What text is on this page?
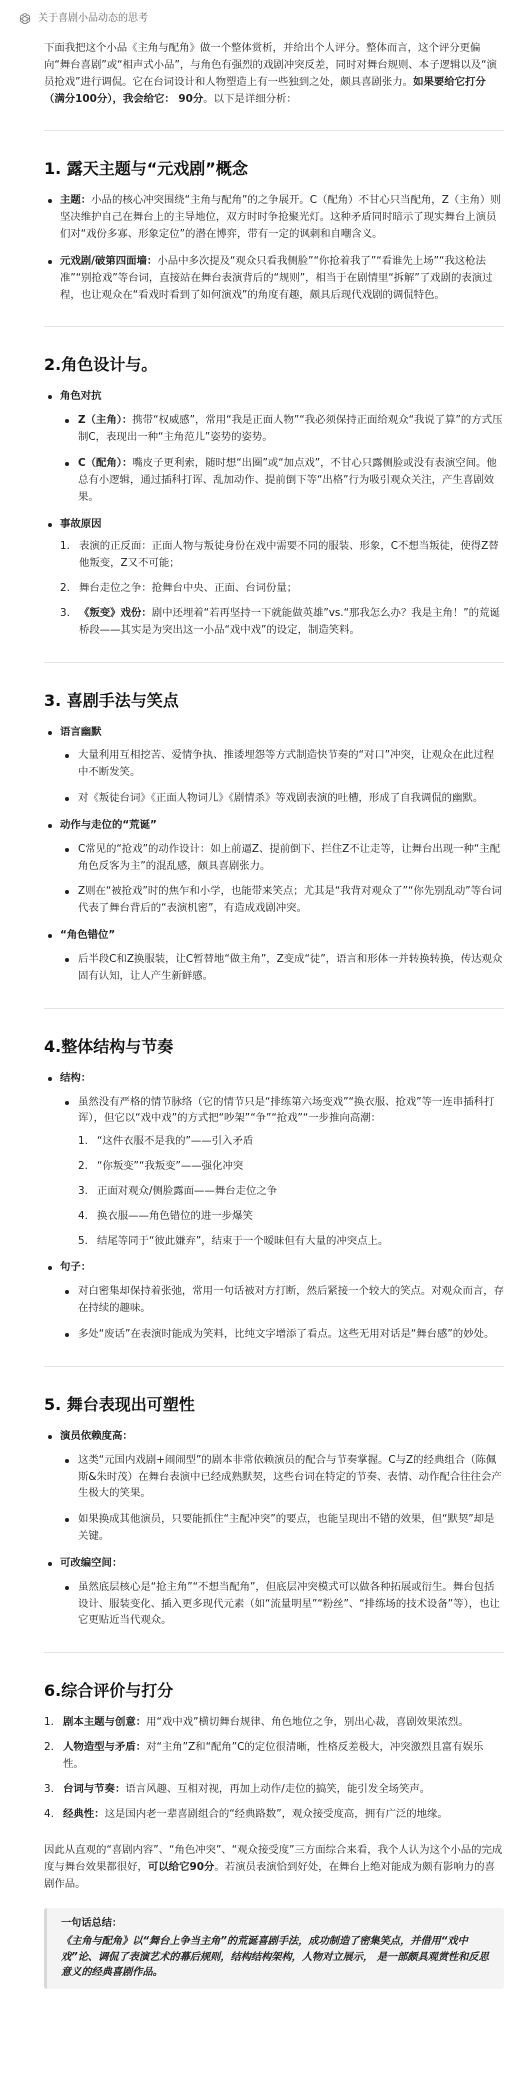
关于喜剧小品动态的思考

下面我把这个小品《主角与配角》做一个整体赏析，并给出个人评分。整体而言，这个评分更偏向“舞台喜剧”或“相声式小品”，与角色有强烈的戏剧冲突反差，同时对舞台规则、本子逻辑以及“演员抢戏”进行调侃。它在台词设计和人物塑造上有一些独到之处，颇具喜剧张力。如果要给它打分（满分100分），我会给它： 90分。以下是详细分析：

1. 露天主题与“元戏剧”概念
主题：小品的核心冲突围绕“主角与配角”的之争展开。C（配角）不甘心只当配角，Z（主角）则坚决维护自己在舞台上的主导地位，双方时时争抢聚光灯。这种矛盾同时暗示了现实舞台上演员们对“戏份多寡、形象定位”的潜在博弈，带有一定的讽刺和自嘲含义。
元戏剧/破第四面墙：小品中多次提及“观众只看我侧脸”“你抢着我了”“看谁先上场”“我这枪法准”“别抢戏”等台词，直接站在舞台表演背后的“规则”，相当于在剧情里“拆解”了戏剧的表演过程，也让观众在“看戏时看到了如何演戏”的角度有趣，颇具后现代戏剧的调侃特色。
2.角色设计与。
角色对抗
Z（主角）：携带“权威感”，常用“我是正面人物”“我必须保持正面给观众“我说了算”的方式压制C，表现出一种“主角范儿”姿势的姿势。
C（配角）：嘴皮子更利索，随时想“出圈”或“加点戏”，不甘心只露侧脸或没有表演空间。他总有小逻辑，通过插科打诨、乱加动作、提前倒下等“出格”行为吸引观众关注，产生喜剧效果。
事故原因
表演的正反面：正面人物与叛徒身份在戏中需要不同的服装、形象，C不想当叛徒，使得Z替他叛变，Z又不可能；
舞台走位之争：抢舞台中央、正面、台词份量；
《叛变》戏份：剧中还埋着“若再坚持一下就能做英雄”vs.“那我怎么办？我是主角！”的荒诞桥段——其实是为突出这一小品“戏中戏”的设定，制造笑料。
3. 喜剧手法与笑点
语言幽默
大量利用互相挖苦、爱情争执、推诿埋怨等方式制造快节奏的“对口”冲突，让观众在此过程中不断发笑。
对《叛徒台词》《正面人物词儿》《剧情杀》等戏剧表演的吐槽，形成了自我调侃的幽默。
动作与走位的“荒诞”
C常见的“抢戏”的动作设计：如上前逼Z、提前倒下、拦住Z不让走等，让舞台出现一种“主配角色反客为主”的混乱感，颇具喜剧张力。
Z则在“被抢戏”时的焦乍和小学，也能带来笑点；尤其是“我背对观众了”“你先别乱动”等台词代表了舞台背后的“表演机密”，有造成戏剧冲突。
“角色错位”
后半段C和Z换服装，让C暂替地“做主角”，Z变成“徒”，语言和形体一并转换转换，传达观众固有认知，让人产生新鲜感。
4.整体结构与节奏
结构：
虽然没有严格的情节脉络（它的情节只是“排练第六场变戏”“换衣服、抢戏”等一连串插科打诨），但它以“戏中戏”的方式把“吵架”“争”“抢戏”“一步推向高潮：
“这件衣服不是我的”——引入矛盾
“你叛变”“我叛变”——强化冲突
正面对观众/侧脸露面——舞台走位之争
换衣服——角色错位的进一步爆笑
结尾等同于“彼此嫌弃”，结束于一个暧昧但有大量的冲突点上。
句子：
对白密集却保持着张弛，常用一句话被对方打断，然后紧接一个较大的笑点。对观众而言，存在持续的趣味。
多处“废话”在表演时能成为笑料，比纯文字增添了看点。这些无用对话是“舞台感”的妙处。
5. 舞台表现出可塑性
演员依赖度高：
这类“元国内戏剧+闹闹型”的剧本非常依赖演员的配合与节奏掌握。C与Z的经典组合（陈佩斯&朱时茂）在舞台表演中已经成熟默契，这些台词在特定的节奏、表情、动作配合往往会产生极大的笑果。
如果换成其他演员，只要能抓住“主配冲突”的要点，也能呈现出不错的效果，但“默契”却是关键。
可改编空间：
虽然底层核心是“抢主角”“不想当配角”，但底层冲突模式可以做各种拓展或衍生。舞台包括设计、服装变化、插入更多现代元素（如“流量明星”“粉丝”、“排练场的技术设备”等），也让它更贴近当代观众。
6.综合评价与打分
剧本主题与创意：用“戏中戏”横切舞台规律、角色地位之争，别出心裁，喜剧效果浓烈。
人物造型与矛盾：对“主角”Z和“配角”C的定位很清晰，性格反差极大，冲突激烈且富有娱乐性。
台词与节奏：语言风趣、互相对视，再加上动作/走位的搞笑，能引发全场笑声。
经典性：这是国内老一辈喜剧组合的“经典路数”，观众接受度高，拥有广泛的地缘。

因此从直观的“喜剧内容”、“角色冲突”、“观众接受度”三方面综合来看，我个人认为这个小品的完成度与舞台效果都很好，可以给它90分。若演员表演恰到好处，在舞台上绝对能成为颇有影响力的喜剧作品。

一句话总结：
《主角与配角》以“舞台上争当主角”的荒诞喜剧手法，成功制造了密集笑点，并借用“戏中戏”论、调侃了表演艺术的幕后规则，结构结构架构，人物对立展示， 是一部颇具观赏性和反思意义的经典喜剧作品。
